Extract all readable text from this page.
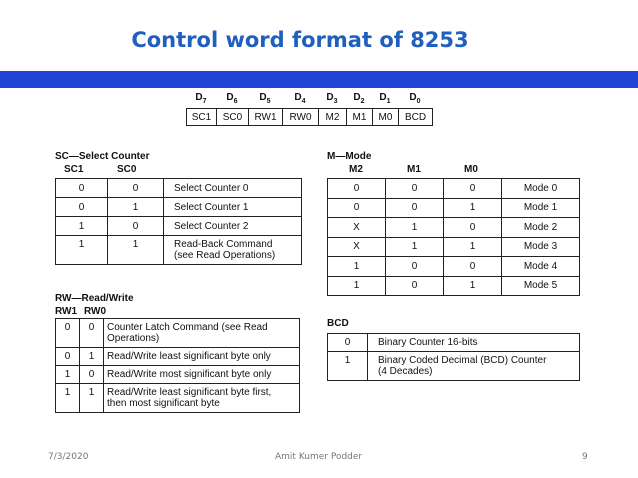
Control word format of 8253
$D_7$	$D_6$	$D_5$	$D_4$	$D_3$	$D_2$	$D_1$	$D_0$
SC1	SC0	RW1	RW0	M2	M1	M0	BCD
SC—Select Counter
SC1	SC0
0	0	Select Counter 0
0	1	Select Counter 1
1	0	Select Counter 2
1	1	Read-Back Command
(see Read Operations)
M—Mode
M2	M1	M0
0	0	0	Mode 0
0	0	1	Mode 1
X	1	0	Mode 2
X	1	1	Mode 3
1	0	0	Mode 4
1	0	1	Mode 5
RW—Read/Write
RW1 RW0
0	0	Counter Latch Command (see Read
Operations)
0	1	Read/Write least significant byte only
1	0	Read/Write most significant byte only
1	1	Read/Write least significant byte first,
then most significant byte
BCD
0	Binary Counter 16-bits
1	Binary Coded Decimal (BCD) Counter
(4 Decades)
7/3/2020	Amit Kumer Podder	9
